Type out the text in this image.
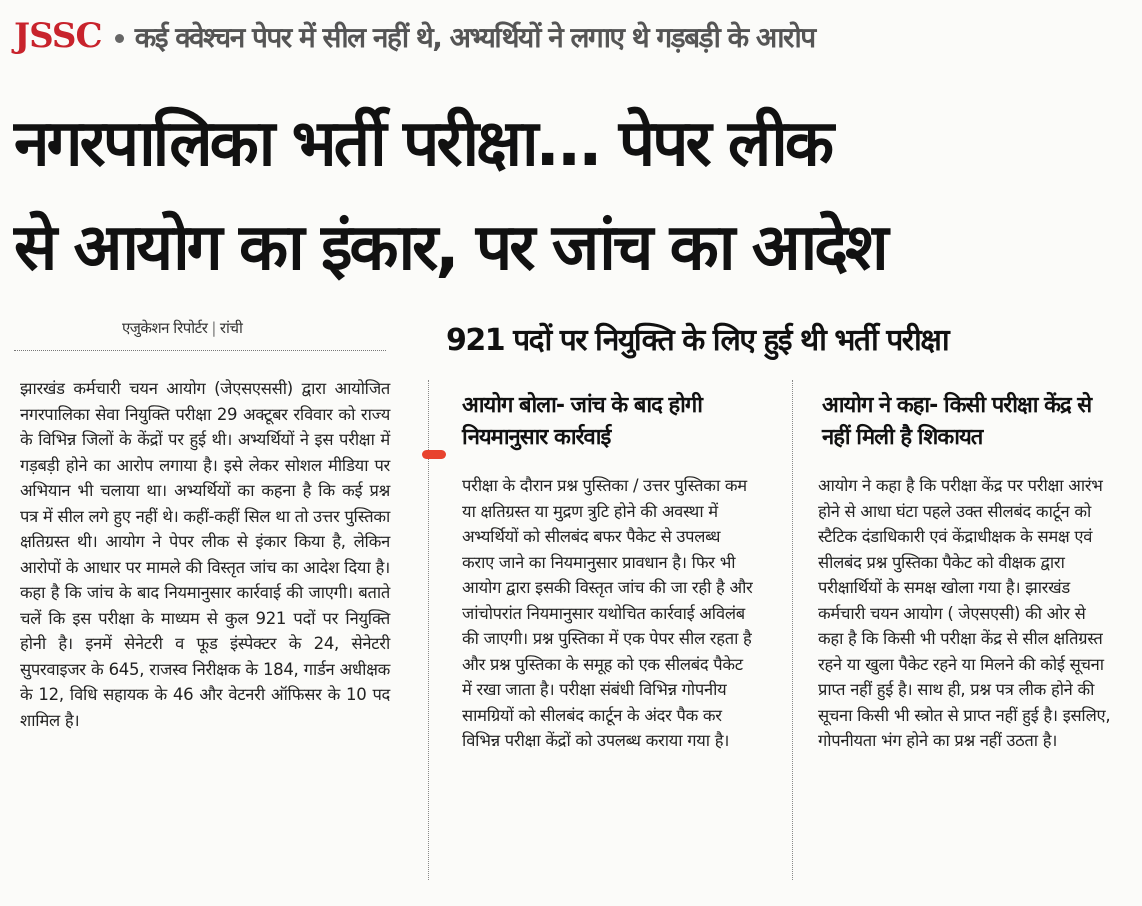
JSSC कई क्वेश्चन पेपर में सील नहीं थे, अभ्यर्थियों ने लगाए थे गड़बड़ी के आरोप
नगरपालिका भर्ती परीक्षा... पेपर लीक
से आयोग का इंकार, पर जांच का आदेश
एजुकेशन रिपोर्टर | रांची	921 पदों पर नियुक्ति के लिए हुई थी भर्ती परीक्षा
झारखंड कर्मचारी चयन आयोग (जेएसएससी) द्वारा आयोजित नगरपालिका सेवा नियुक्ति परीक्षा 29 अक्टूबर रविवार को राज्य के विभिन्न जिलों के केंद्रों पर हुई थी। अभ्यर्थियों ने इस परीक्षा में गड़बड़ी होने का आरोप लगाया है। इसे लेकर सोशल मीडिया पर अभियान भी चलाया था। अभ्यर्थियों का कहना है कि कई प्रश्न पत्र में सील लगे हुए नहीं थे। कहीं-कहीं सिल था तो उत्तर पुस्तिका क्षतिग्रस्त थी। आयोग ने पेपर लीक से इंकार किया है, लेकिन आरोपों के आधार पर मामले की विस्तृत जांच का आदेश दिया है। कहा है कि जांच के बाद नियमानुसार कार्रवाई की जाएगी। बताते चलें कि इस परीक्षा के माध्यम से कुल 921 पदों पर नियुक्ति होनी है। इनमें सेनेटरी व फूड इंस्पेक्टर के 24, सेनेटरी सुपरवाइजर के 645, राजस्व निरीक्षक के 184, गार्डन अधीक्षक के 12, विधि सहायक के 46 और वेटनरी ऑफिसर के 10 पद शामिल है।
आयोग बोला- जांच के बाद होगी नियमानुसार कार्रवाई
परीक्षा के दौरान प्रश्न पुस्तिका / उत्तर पुस्तिका कम या क्षतिग्रस्त या मुद्रण त्रुटि होने की अवस्था में अभ्यर्थियों को सीलबंद बफर पैकेट से उपलब्ध कराए जाने का नियमानुसार प्रावधान है। फिर भी आयोग द्वारा इसकी विस्तृत जांच की जा रही है और जांचोपरांत नियमानुसार यथोचित कार्रवाई अविलंब की जाएगी। प्रश्न पुस्तिका में एक पेपर सील रहता है और प्रश्न पुस्तिका के समूह को एक सीलबंद पैकेट में रखा जाता है। परीक्षा संबंधी विभिन्न गोपनीय सामग्रियों को सीलबंद कार्टून के अंदर पैक कर विभिन्न परीक्षा केंद्रों को उपलब्ध कराया गया है।
आयोग ने कहा- किसी परीक्षा केंद्र से नहीं मिली है शिकायत
आयोग ने कहा है कि परीक्षा केंद्र पर परीक्षा आरंभ होने से आधा घंटा पहले उक्त सीलबंद कार्टून को स्टैटिक दंडाधिकारी एवं केंद्राधीक्षक के समक्ष एवं सीलबंद प्रश्न पुस्तिका पैकेट को वीक्षक द्वारा परीक्षार्थियों के समक्ष खोला गया है। झारखंड कर्मचारी चयन आयोग ( जेएसएसी) की ओर से कहा है कि किसी भी परीक्षा केंद्र से सील क्षतिग्रस्त रहने या खुला पैकेट रहने या मिलने की कोई सूचना प्राप्त नहीं हुई है। साथ ही, प्रश्न पत्र लीक होने की सूचना किसी भी स्त्रोत से प्राप्त नहीं हुई है। इसलिए, गोपनीयता भंग होने का प्रश्न नहीं उठता है।
